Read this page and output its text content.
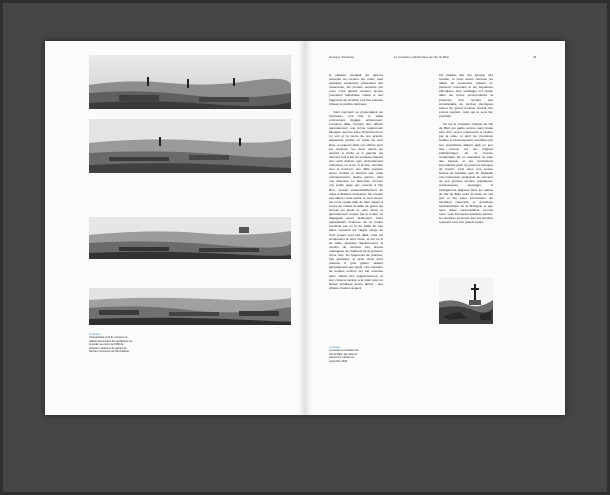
Ci-dessus
Cinquantaine près du moment où débute des années du néolithique sur le terrain au cours de 1956 de plusieurs mètres et de parties de l'ancien monument de l'île Aubibas.
Georges Toutlouse	Le cimetière préhistorique de l'île de Batz	39

le cadavre occupait les genoux ramenés au menton. En outre, seuf quelques exceptions présentant des ossements, les tombes ouvertes par nous n'ont jamais contenu qu'une poussière blanchâtre mêlée à des fragments de charbon et à des poteries brisées et parfois calcinées.

Voici comment se présentaient les tombeaux, une fois le sable environnant dégagé entièrement. L'énorme dalle, formant dos, affecte généralement une forme légèrement allongée, aucune trace d'instrument ne s'y voit et la pierre de ces granits, dépassant parfois un poids de cent kilos, a toujours défié nos efforts pour les soulever, les deux parois de support à droite et à gauche qui donnent tout à fait au tombeau l'aspect d'un petit dolmen sont profondément enfoncées en terre. À la tête, orientée vers le nord-est, une dalle massive ferme l'entrée et derrière elle, mais extérieurement, quatre pierres, dont une disposée en plan-cher, forment une petite auge qui, ouverte à l'air libre, servait vraisemblablement de fosse à libations funéraires. Ne voulant pas abîmer cette partie, le seul moyen qui nous restait était de faire sauter à coups de masse la dalle de granit qui fermait les pieds et, plus mince et généralement rongée par le temps, se dégageait assez facilement. Alors apparaissait l'intérieur de la tombe constitué par un lit de sable fin très blanc reposant sur l'argile vierge du fond, lequel n'est pas dallé, mais est simplement la terre brute, et sur ce lit de sable, épandue régulièrement, la couche de cendres très ténues mélangées de charbons de la grosseur d'une noix, les fragments de poteries, très grossière, et lame d'une terre poreuse à gros grains, étaient généralement aux pieds. Une trentaine de tombes environ ont été ouvertes ainsi, vidées très soigneusement, et leur contenu tamisé à la main pour ne laisser échapper aucun débris ; une dizaine d'autres avaient

Ci-dessus
La tombe au cimetière de l'île de Batz, peu dans le travers d'un dessin en novembre 1926.

été visitées dès une époque très reculée, et nous avons retrouvé les dalles de couverture brisées en plusieurs morceaux et les sépultures effondrées. Des sondages ont révélé dans les terres environnantes la présence d'un nombre très considérable de tombes identiques autour du grand tumulus central non encore exploré, mais qui le sera l'an prochain.

Tel est le cimetière celtique de l'île de Batz qui garde encore sans doute plus d'un secret intéressant à révéler par la suite, et dont les premières fouilles si heureusement conduites par son propriétaire attirent déjà un jour très curieux sur les origines préhistoriques de la France occidentale. Et en attendant la suite des travaux, et les conclusions importantes qu'ils ne pourront manquer de fournir, c'est avec une bonne fortune de travailler avec M. Debaelle une impression poignante au souvenir de ces grosses tombes granitiques, romanesques, sauvages, si étrangement alignées dans les sables de l'île de Batz entre la lande du ciel gris et les eaux écumeuses qui semblent l'éternelle et grandiose caractéristique de la Bretagne et que sans doute contemplaient comme nous, voici tremeçant quarante siècles, les ancêtres inconnus dont les cendres reposent sous ces grands épars.
